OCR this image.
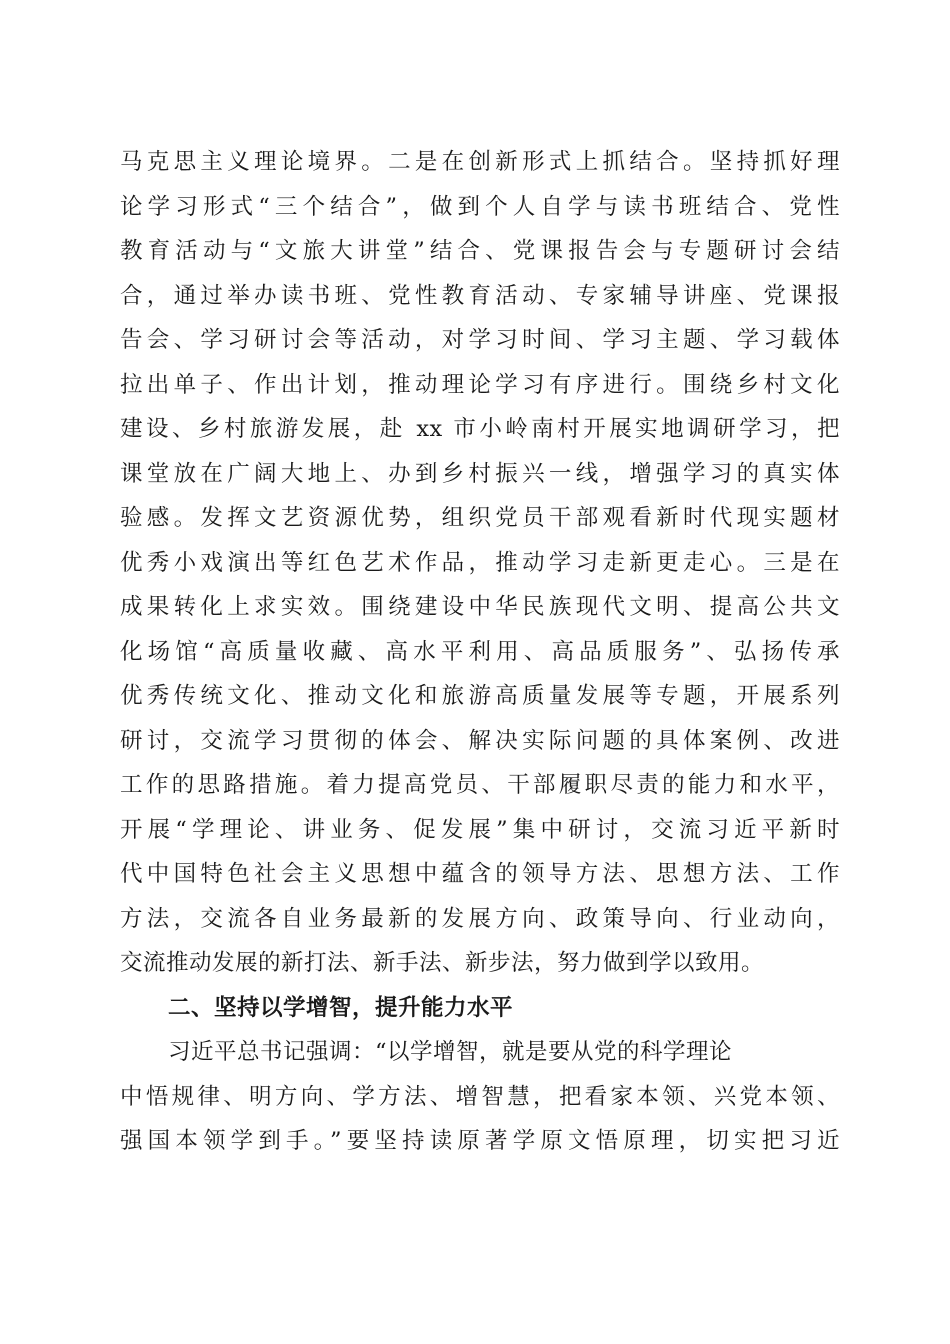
马克思主义理论境界。二是在创新形式上抓结合。坚持抓好理
论学习形式“三个结合”，做到个人自学与读书班结合、党性
教育活动与“文旅大讲堂”结合、党课报告会与专题研讨会结
合，通过举办读书班、党性教育活动、专家辅导讲座、党课报
告会、学习研讨会等活动，对学习时间、学习主题、学习载体
拉出单子、作出计划，推动理论学习有序进行。围绕乡村文化
建设、乡村旅游发展，赴 xx 市小岭南村开展实地调研学习，把
课堂放在广阔大地上、办到乡村振兴一线，增强学习的真实体
验感。发挥文艺资源优势，组织党员干部观看新时代现实题材
优秀小戏演出等红色艺术作品，推动学习走新更走心。三是在
成果转化上求实效。围绕建设中华民族现代文明、提高公共文
化场馆“高质量收藏、高水平利用、高品质服务”、弘扬传承
优秀传统文化、推动文化和旅游高质量发展等专题，开展系列
研讨，交流学习贯彻的体会、解决实际问题的具体案例、改进
工作的思路措施。着力提高党员、干部履职尽责的能力和水平，
开展“学理论、讲业务、促发展”集中研讨，交流习近平新时
代中国特色社会主义思想中蕴含的领导方法、思想方法、工作
方法，交流各自业务最新的发展方向、政策导向、行业动向，
交流推动发展的新打法、新手法、新步法，努力做到学以致用。
二、坚持以学增智，提升能力水平
习近平总书记强调：“以学增智，就是要从党的科学理论
中悟规律、明方向、学方法、增智慧，把看家本领、兴党本领、
强国本领学到手。”要坚持读原著学原文悟原理，切实把习近
